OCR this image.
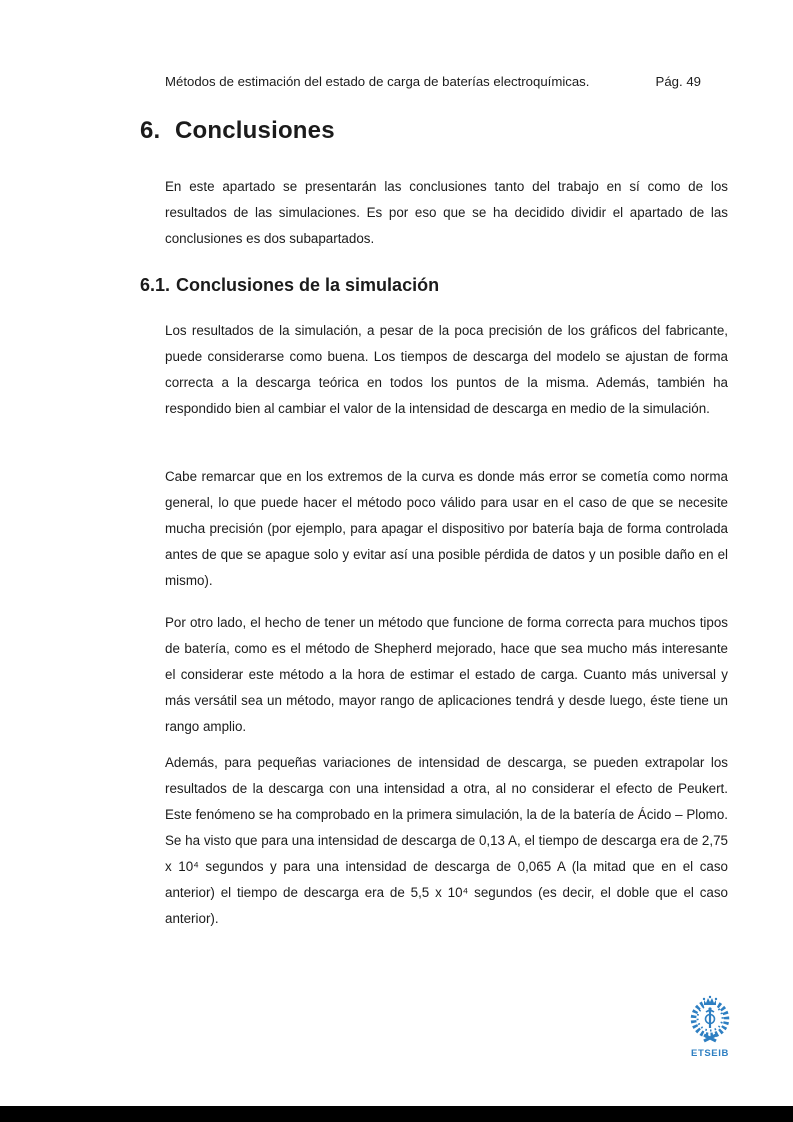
Métodos de estimación del estado de carga de baterías electroquímicas.	Pág. 49
6. Conclusiones

En este apartado se presentarán las conclusiones tanto del trabajo en sí como de los resultados de las simulaciones. Es por eso que se ha decidido dividir el apartado de las conclusiones es dos subapartados.

6.1. Conclusiones de la simulación

Los resultados de la simulación, a pesar de la poca precisión de los gráficos del fabricante, puede considerarse como buena. Los tiempos de descarga del modelo se ajustan de forma correcta a la descarga teórica en todos los puntos de la misma. Además, también ha respondido bien al cambiar el valor de la intensidad de descarga en medio de la simulación.

Cabe remarcar que en los extremos de la curva es donde más error se cometía como norma general, lo que puede hacer el método poco válido para usar en el caso de que se necesite mucha precisión (por ejemplo, para apagar el dispositivo por batería baja de forma controlada antes de que se apague solo y evitar así una posible pérdida de datos y un posible daño en el mismo).

Por otro lado, el hecho de tener un método que funcione de forma correcta para muchos tipos de batería, como es el método de Shepherd mejorado, hace que sea mucho más interesante el considerar este método a la hora de estimar el estado de carga. Cuanto más universal y más versátil sea un método, mayor rango de aplicaciones tendrá y desde luego, éste tiene un rango amplio.

Además, para pequeñas variaciones de intensidad de descarga, se pueden extrapolar los resultados de la descarga con una intensidad a otra, al no considerar el efecto de Peukert. Este fenómeno se ha comprobado en la primera simulación, la de la batería de Ácido – Plomo. Se ha visto que para una intensidad de descarga de 0,13 A, el tiempo de descarga era de 2,75 x 10⁴ segundos y para una intensidad de descarga de 0,065 A (la mitad que en el caso anterior) el tiempo de descarga era de 5,5 x 10⁴ segundos (es decir, el doble que el caso anterior).

ETSEIB
